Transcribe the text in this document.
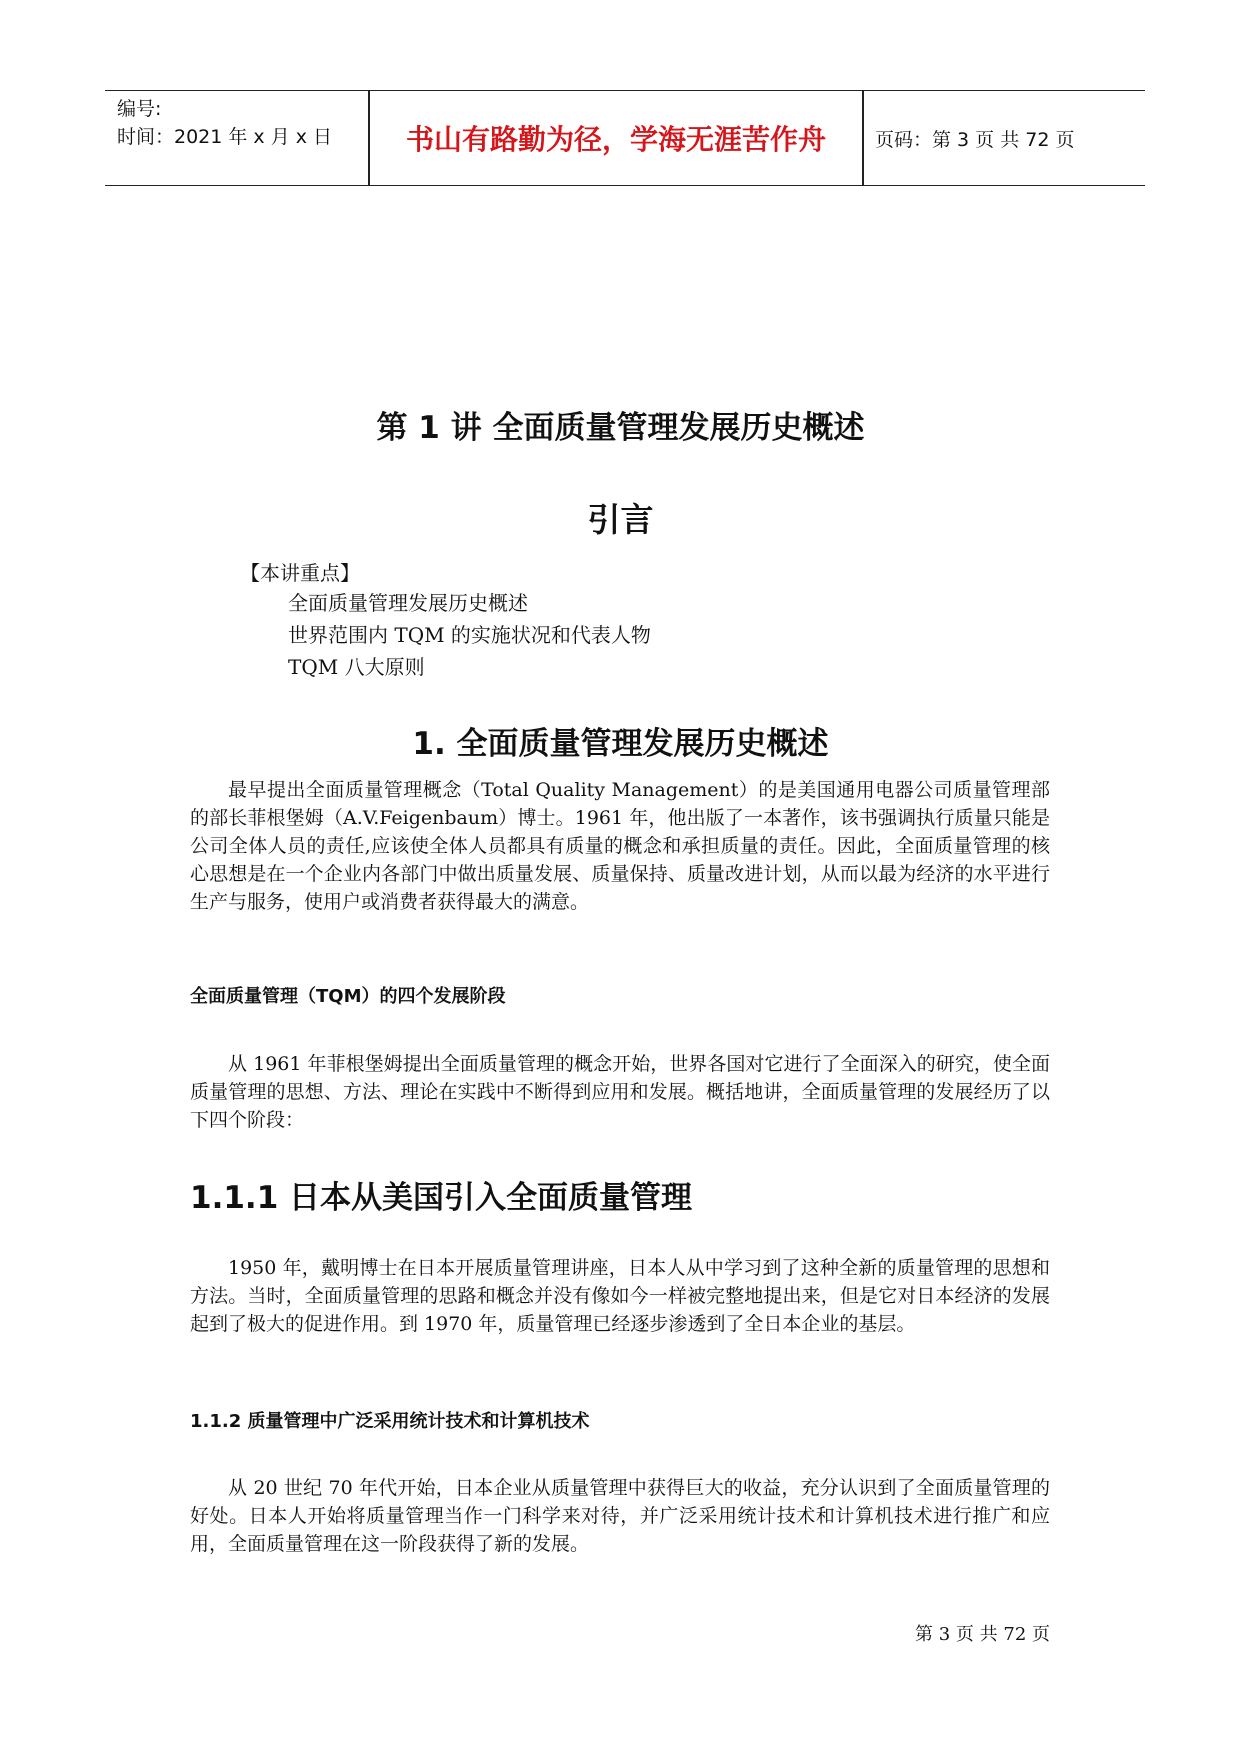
编号:
时间：2021 年 x 月 x 日	书山有路勤为径，学海无涯苦作舟	页码：第 3 页 共 72 页
第 1 讲 全面质量管理发展历史概述
引言
【本讲重点】
全面质量管理发展历史概述
世界范围内 TQM 的实施状况和代表人物
TQM 八大原则
1. 全面质量管理发展历史概述

最早提出全面质量管理概念（Total Quality Management）的是美国通用电器公司质量管理部的部长菲根堡姆（A.V.Feigenbaum）博士。1961 年，他出版了一本著作，该书强调执行质量只能是公司全体人员的责任,应该使全体人员都具有质量的概念和承担质量的责任。因此，全面质量管理的核心思想是在一个企业内各部门中做出质量发展、质量保持、质量改进计划，从而以最为经济的水平进行生产与服务，使用户或消费者获得最大的满意。

全面质量管理（TQM）的四个发展阶段

从 1961 年菲根堡姆提出全面质量管理的概念开始，世界各国对它进行了全面深入的研究，使全面质量管理的思想、方法、理论在实践中不断得到应用和发展。概括地讲，全面质量管理的发展经历了以下四个阶段：

1.1.1 日本从美国引入全面质量管理

1950 年，戴明博士在日本开展质量管理讲座，日本人从中学习到了这种全新的质量管理的思想和方法。当时，全面质量管理的思路和概念并没有像如今一样被完整地提出来，但是它对日本经济的发展起到了极大的促进作用。到 1970 年，质量管理已经逐步渗透到了全日本企业的基层。

1.1.2 质量管理中广泛采用统计技术和计算机技术

从 20 世纪 70 年代开始，日本企业从质量管理中获得巨大的收益，充分认识到了全面质量管理的好处。日本人开始将质量管理当作一门科学来对待，并广泛采用统计技术和计算机技术进行推广和应用，全面质量管理在这一阶段获得了新的发展。

第 3 页 共 72 页
